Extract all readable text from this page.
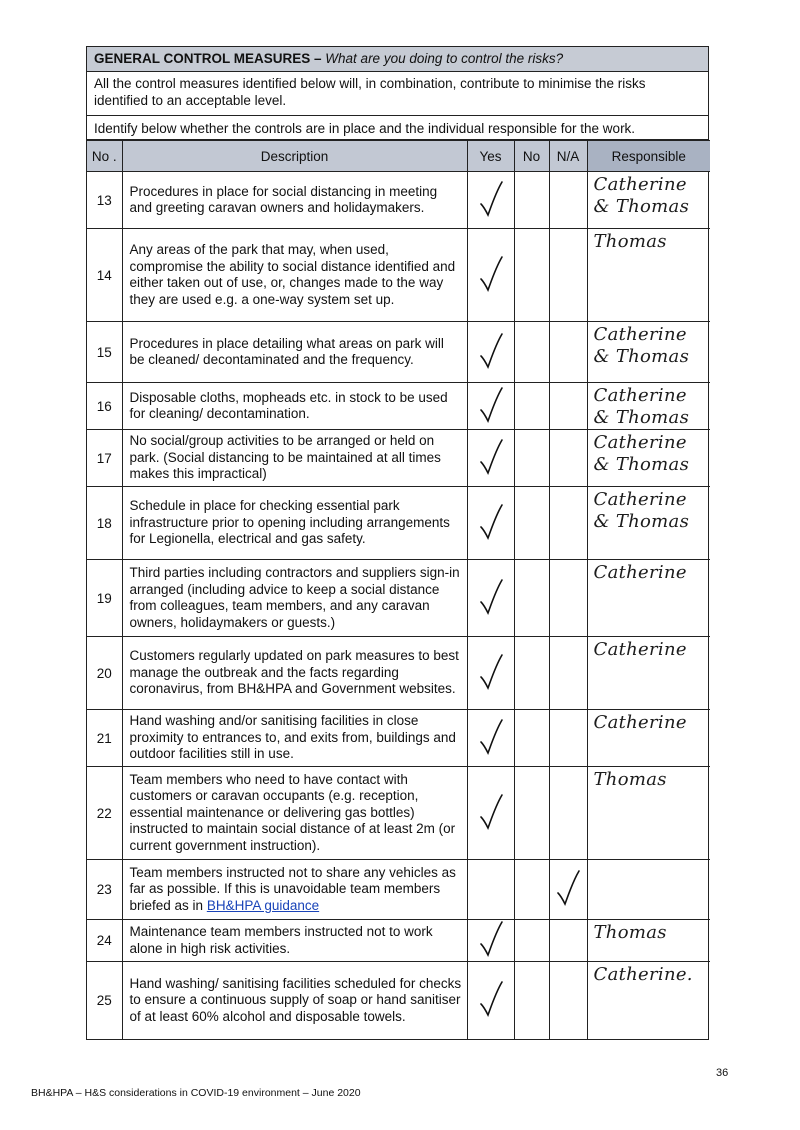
GENERAL CONTROL MEASURES – What are you doing to control the risks?
All the control measures identified below will, in combination, contribute to minimise the risks identified to an acceptable level.
Identify below whether the controls are in place and the individual responsible for the work.
No .	Description	Yes	No	N/A	Responsible
13	Procedures in place for social distancing in meeting and greeting caravan owners and holidaymakers.				Catherine & Thomas
14	Any areas of the park that may, when used, compromise the ability to social distance identified and either taken out of use, or, changes made to the way they are used e.g. a one-way system set up.				Thomas
15	Procedures in place detailing what areas on park will be cleaned/ decontaminated and the frequency.				Catherine & Thomas
16	Disposable cloths, mopheads etc. in stock to be used for cleaning/ decontamination.				Catherine & Thomas
17	No social/group activities to be arranged or held on park. (Social distancing to be maintained at all times makes this impractical)				Catherine & Thomas
18	Schedule in place for checking essential park infrastructure prior to opening including arrangements for Legionella, electrical and gas safety.				Catherine & Thomas
19	Third parties including contractors and suppliers sign-in arranged (including advice to keep a social distance from colleagues, team members, and any caravan owners, holidaymakers or guests.)				Catherine
20	Customers regularly updated on park measures to best manage the outbreak and the facts regarding coronavirus, from BH&HPA and Government websites.				Catherine
21	Hand washing and/or sanitising facilities in close proximity to entrances to, and exits from, buildings and outdoor facilities still in use.				Catherine
22	Team members who need to have contact with customers or caravan occupants (e.g. reception, essential maintenance or delivering gas bottles) instructed to maintain social distance of at least 2m (or current government instruction).				Thomas
23	Team members instructed not to share any vehicles as far as possible. If this is unavoidable team members briefed as in BH&HPA guidance				
24	Maintenance team members instructed not to work alone in high risk activities.				Thomas
25	Hand washing/ sanitising facilities scheduled for checks to ensure a continuous supply of soap or hand sanitiser of at least 60% alcohol and disposable towels.				Catherine.
36
BH&HPA – H&S considerations in COVID-19 environment – June 2020
